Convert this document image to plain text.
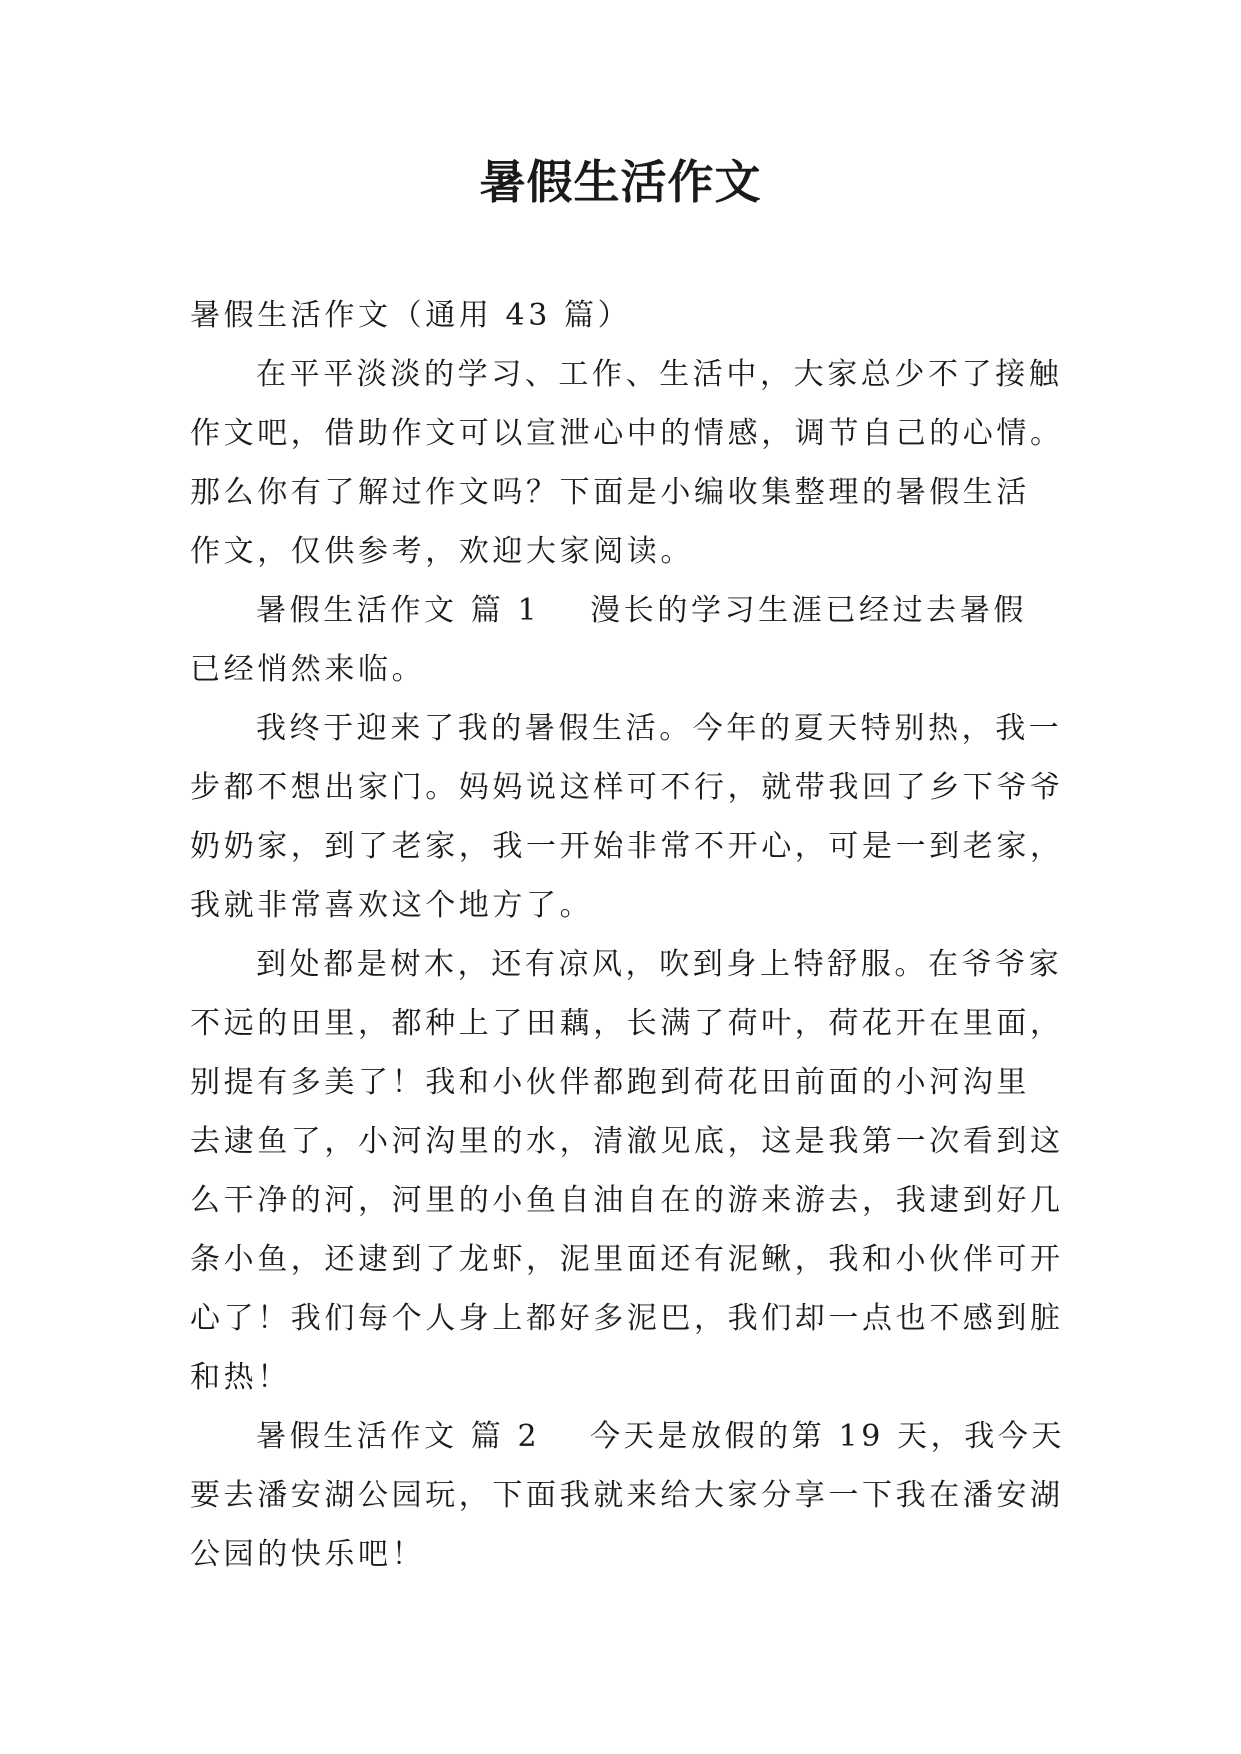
暑假生活作文

暑假生活作文（通用 43 篇）

在平平淡淡的学习、工作、生活中，大家总少不了接触

作文吧，借助作文可以宣泄心中的情感，调节自己的心情。

那么你有了解过作文吗？下面是小编收集整理的暑假生活

作文，仅供参考，欢迎大家阅读。

暑假生活作文 篇 1 漫长的学习生涯已经过去暑假

已经悄然来临。

我终于迎来了我的暑假生活。今年的夏天特别热，我一

步都不想出家门。妈妈说这样可不行，就带我回了乡下爷爷

奶奶家，到了老家，我一开始非常不开心，可是一到老家，

我就非常喜欢这个地方了。

到处都是树木，还有凉风，吹到身上特舒服。在爷爷家

不远的田里，都种上了田藕，长满了荷叶，荷花开在里面，

别提有多美了！我和小伙伴都跑到荷花田前面的小河沟里

去逮鱼了，小河沟里的水，清澈见底，这是我第一次看到这

么干净的河，河里的小鱼自油自在的游来游去，我逮到好几

条小鱼，还逮到了龙虾，泥里面还有泥鳅，我和小伙伴可开

心了！我们每个人身上都好多泥巴，我们却一点也不感到脏

和热！

暑假生活作文 篇 2 今天是放假的第 19 天，我今天

要去潘安湖公园玩，下面我就来给大家分享一下我在潘安湖

公园的快乐吧！
